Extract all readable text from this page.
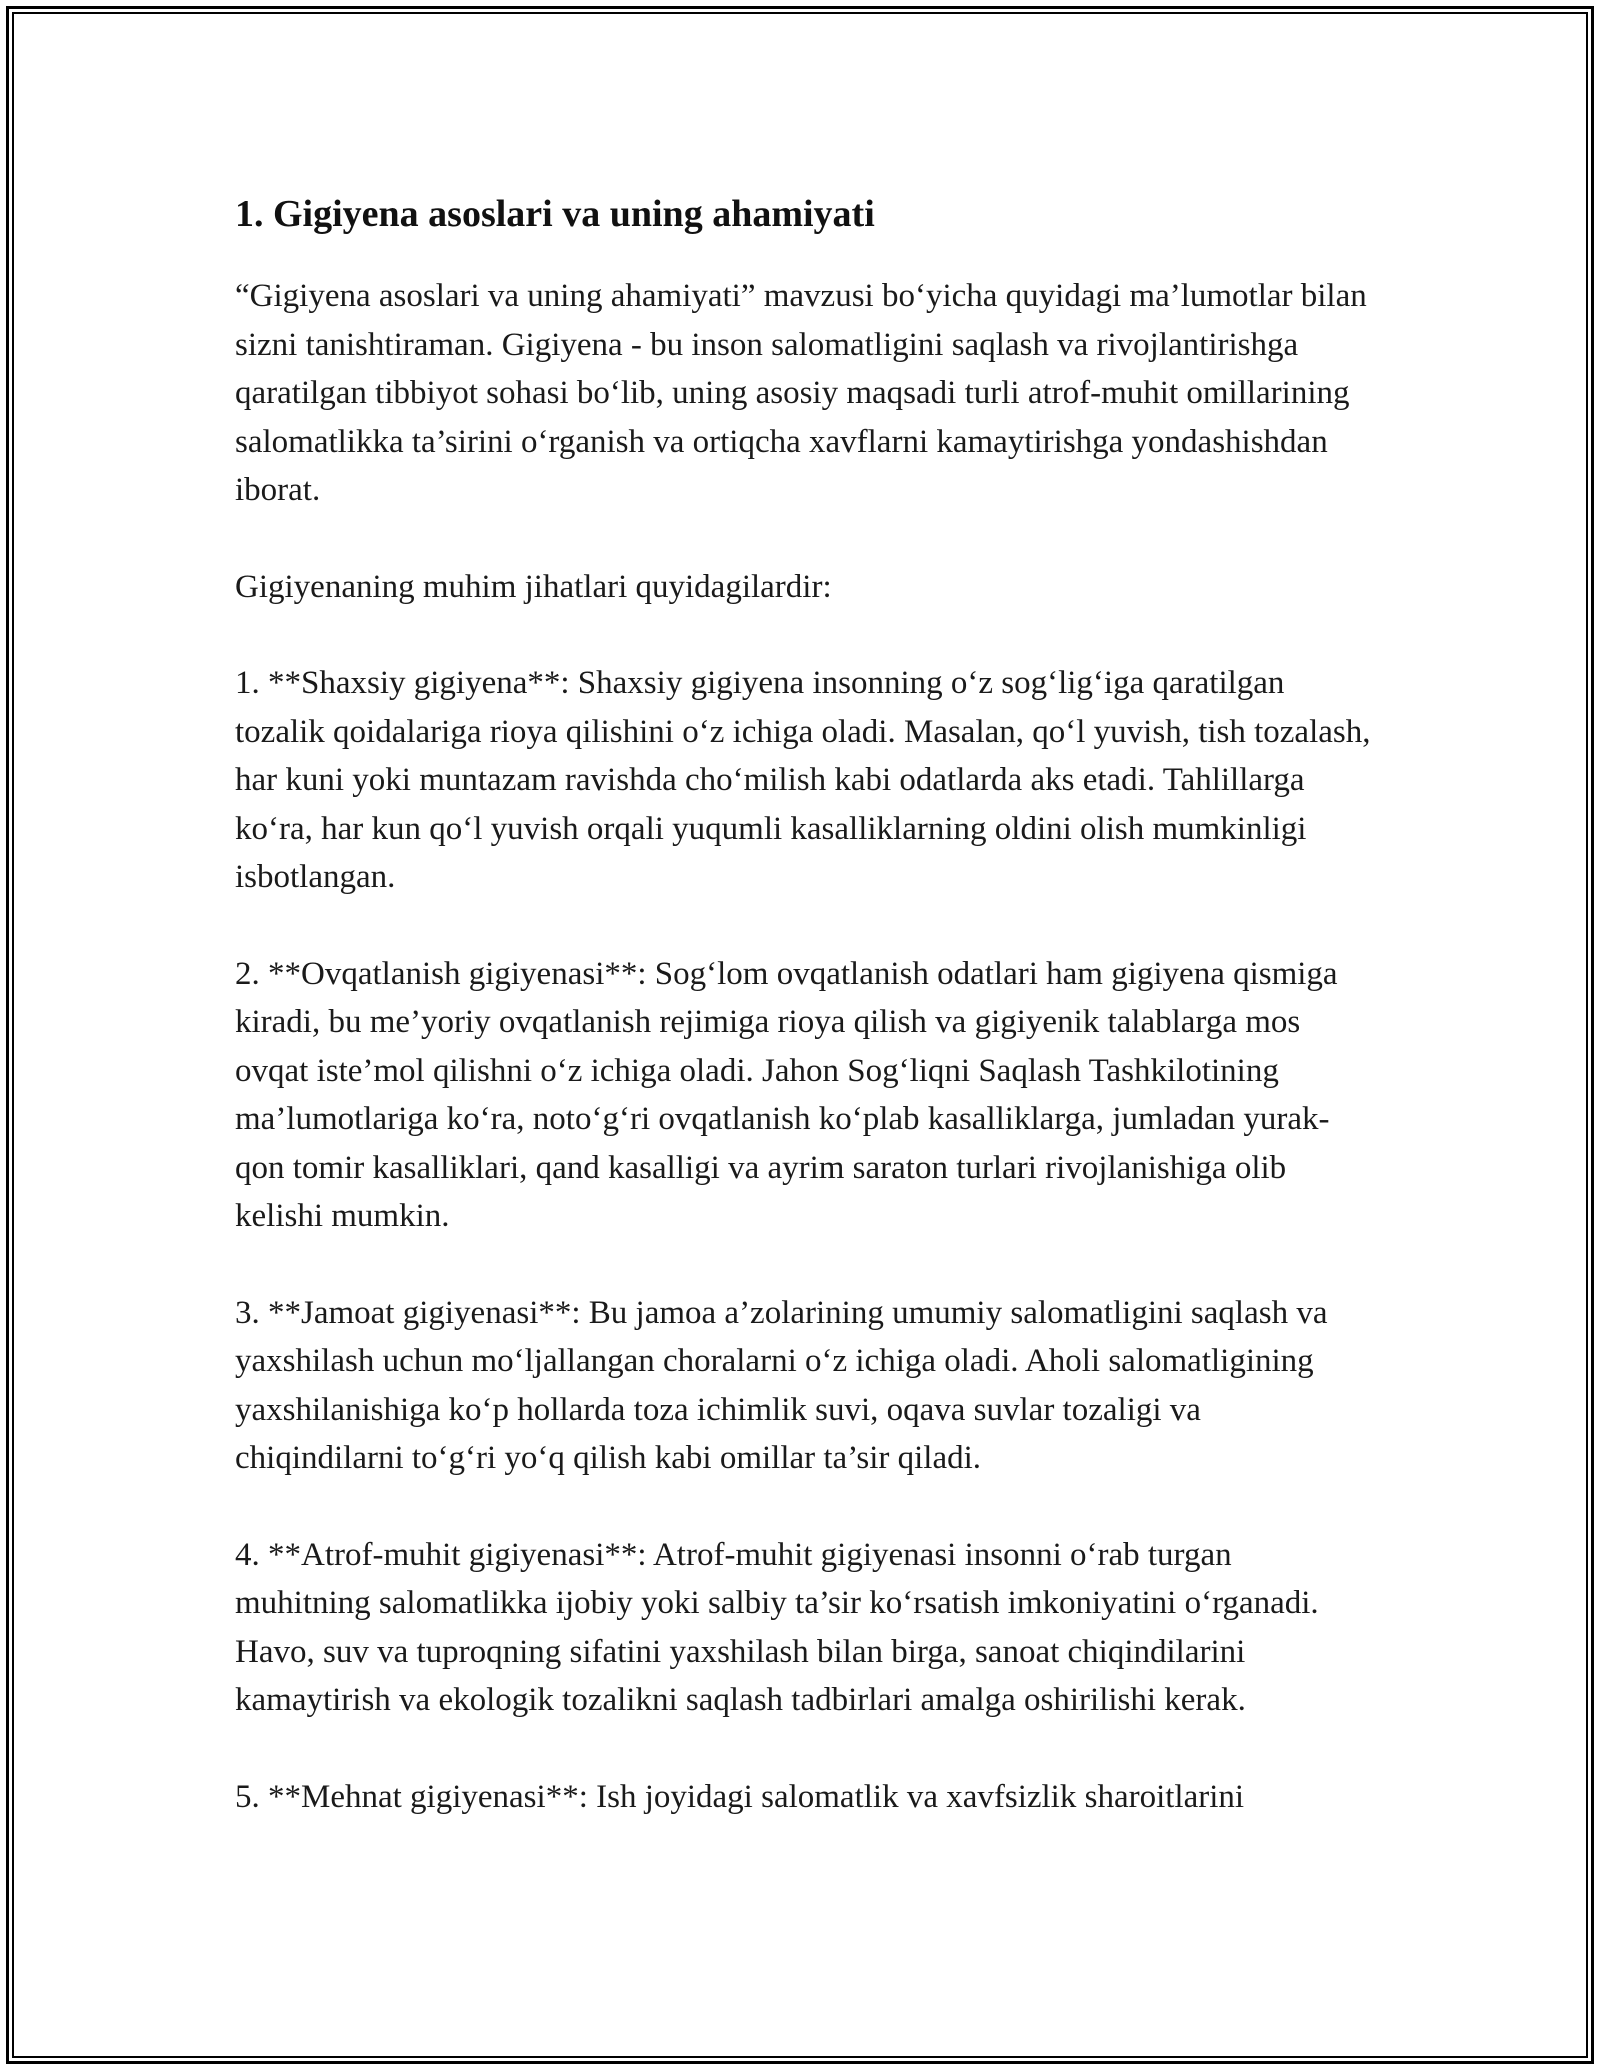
1. Gigiyena asoslari va uning ahamiyati

“Gigiyena asoslari va uning ahamiyati” mavzusi bo‘yicha quyidagi ma’lumotlar bilan sizni tanishtiraman. Gigiyena - bu inson salomatligini saqlash va rivojlantirishga qaratilgan tibbiyot sohasi bo‘lib, uning asosiy maqsadi turli atrof-muhit omillarining salomatlikka ta’sirini o‘rganish va ortiqcha xavflarni kamaytirishga yondashishdan iborat.

Gigiyenaning muhim jihatlari quyidagilardir:

1. **Shaxsiy gigiyena**: Shaxsiy gigiyena insonning o‘z sog‘lig‘iga qaratilgan tozalik qoidalariga rioya qilishini o‘z ichiga oladi. Masalan, qo‘l yuvish, tish tozalash, har kuni yoki muntazam ravishda cho‘milish kabi odatlarda aks etadi. Tahlillarga ko‘ra, har kun qo‘l yuvish orqali yuqumli kasalliklarning oldini olish mumkinligi isbotlangan.

2. **Ovqatlanish gigiyenasi**: Sog‘lom ovqatlanish odatlari ham gigiyena qismiga kiradi, bu me’yoriy ovqatlanish rejimiga rioya qilish va gigiyenik talablarga mos ovqat iste’mol qilishni o‘z ichiga oladi. Jahon Sog‘liqni Saqlash Tashkilotining ma’lumotlariga ko‘ra, noto‘g‘ri ovqatlanish ko‘plab kasalliklarga, jumladan yurak-qon tomir kasalliklari, qand kasalligi va ayrim saraton turlari rivojlanishiga olib kelishi mumkin.

3. **Jamoat gigiyenasi**: Bu jamoa a’zolarining umumiy salomatligini saqlash va yaxshilash uchun mo‘ljallangan choralarni o‘z ichiga oladi. Aholi salomatligining yaxshilanishiga ko‘p hollarda toza ichimlik suvi, oqava suvlar tozaligi va chiqindilarni to‘g‘ri yo‘q qilish kabi omillar ta’sir qiladi.

4. **Atrof-muhit gigiyenasi**: Atrof-muhit gigiyenasi insonni o‘rab turgan muhitning salomatlikka ijobiy yoki salbiy ta’sir ko‘rsatish imkoniyatini o‘rganadi. Havo, suv va tuproqning sifatini yaxshilash bilan birga, sanoat chiqindilarini kamaytirish va ekologik tozalikni saqlash tadbirlari amalga oshirilishi kerak.

5. **Mehnat gigiyenasi**: Ish joyidagi salomatlik va xavfsizlik sharoitlarini
